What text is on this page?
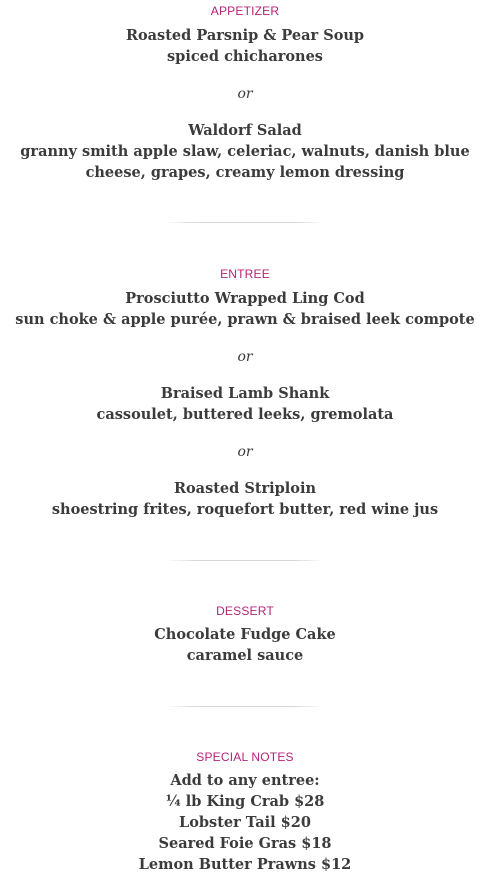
APPETIZER
Roasted Parsnip & Pear Soup
spiced chicharones
or
Waldorf Salad
granny smith apple slaw, celeriac, walnuts, danish blue
cheese, grapes, creamy lemon dressing
ENTREE
Prosciutto Wrapped Ling Cod
sun choke & apple purée, prawn & braised leek compote
or
Braised Lamb Shank
cassoulet, buttered leeks, gremolata
or
Roasted Striploin
shoestring frites, roquefort butter, red wine jus
DESSERT
Chocolate Fudge Cake
caramel sauce
SPECIAL NOTES
Add to any entree:
¼ lb King Crab $28
Lobster Tail $20
Seared Foie Gras $18
Lemon Butter Prawns $12
